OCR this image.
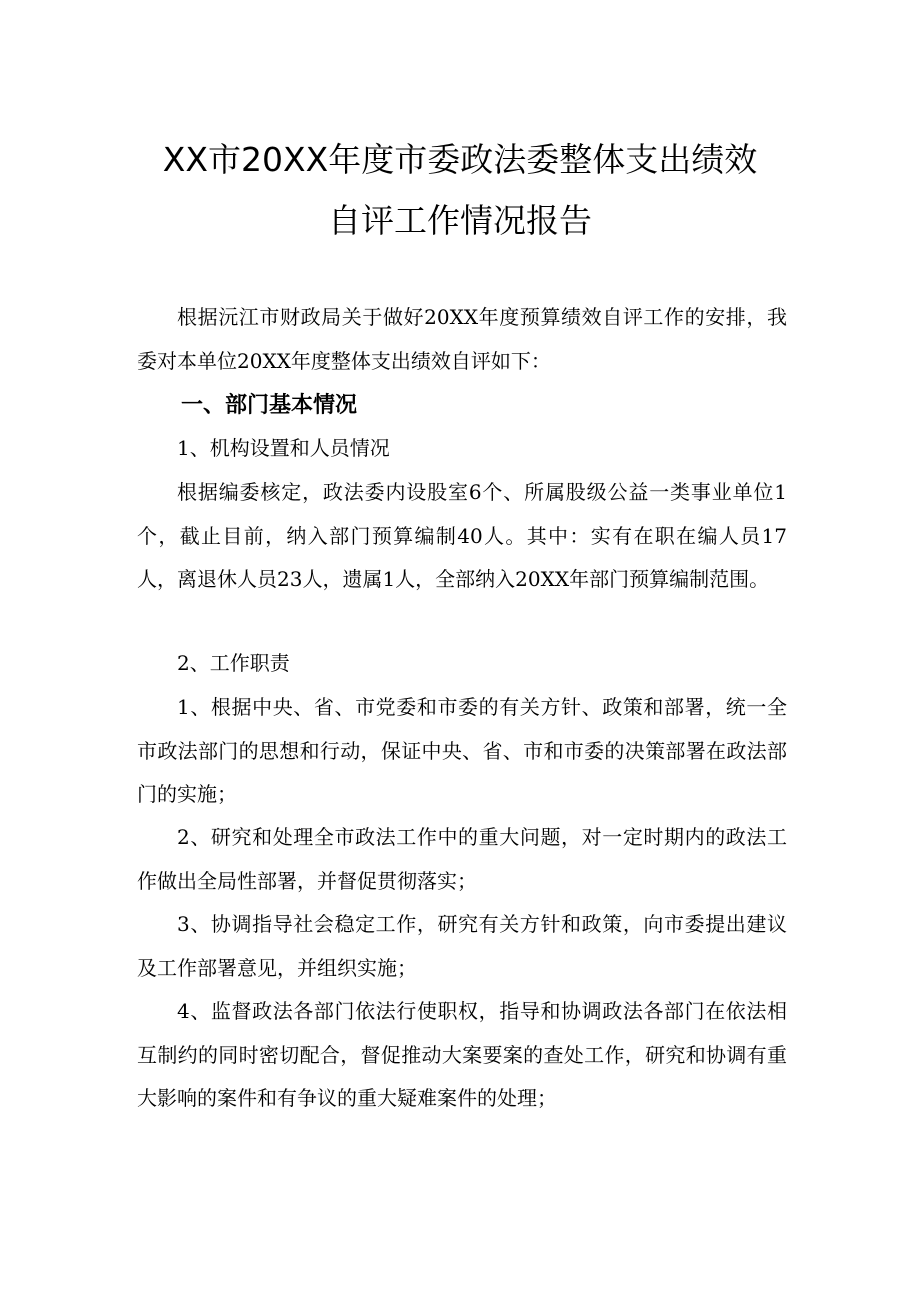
XX市20XX年度市委政法委整体支出绩效
自评工作情况报告

根据沅江市财政局关于做好20XX年度预算绩效自评工作的安排，我委对本单位20XX年度整体支出绩效自评如下：

一、部门基本情况

1、机构设置和人员情况

根据编委核定，政法委内设股室6个、所属股级公益一类事业单位1个，截止目前，纳入部门预算编制40人。其中：实有在职在编人员17人，离退休人员23人，遗属1人，全部纳入20XX年部门预算编制范围。

2、工作职责

1、根据中央、省、市党委和市委的有关方针、政策和部署，统一全市政法部门的思想和行动，保证中央、省、市和市委的决策部署在政法部门的实施；

2、研究和处理全市政法工作中的重大问题，对一定时期内的政法工作做出全局性部署，并督促贯彻落实；

3、协调指导社会稳定工作，研究有关方针和政策，向市委提出建议及工作部署意见，并组织实施；

4、监督政法各部门依法行使职权，指导和协调政法各部门在依法相互制约的同时密切配合，督促推动大案要案的查处工作，研究和协调有重大影响的案件和有争议的重大疑难案件的处理；
